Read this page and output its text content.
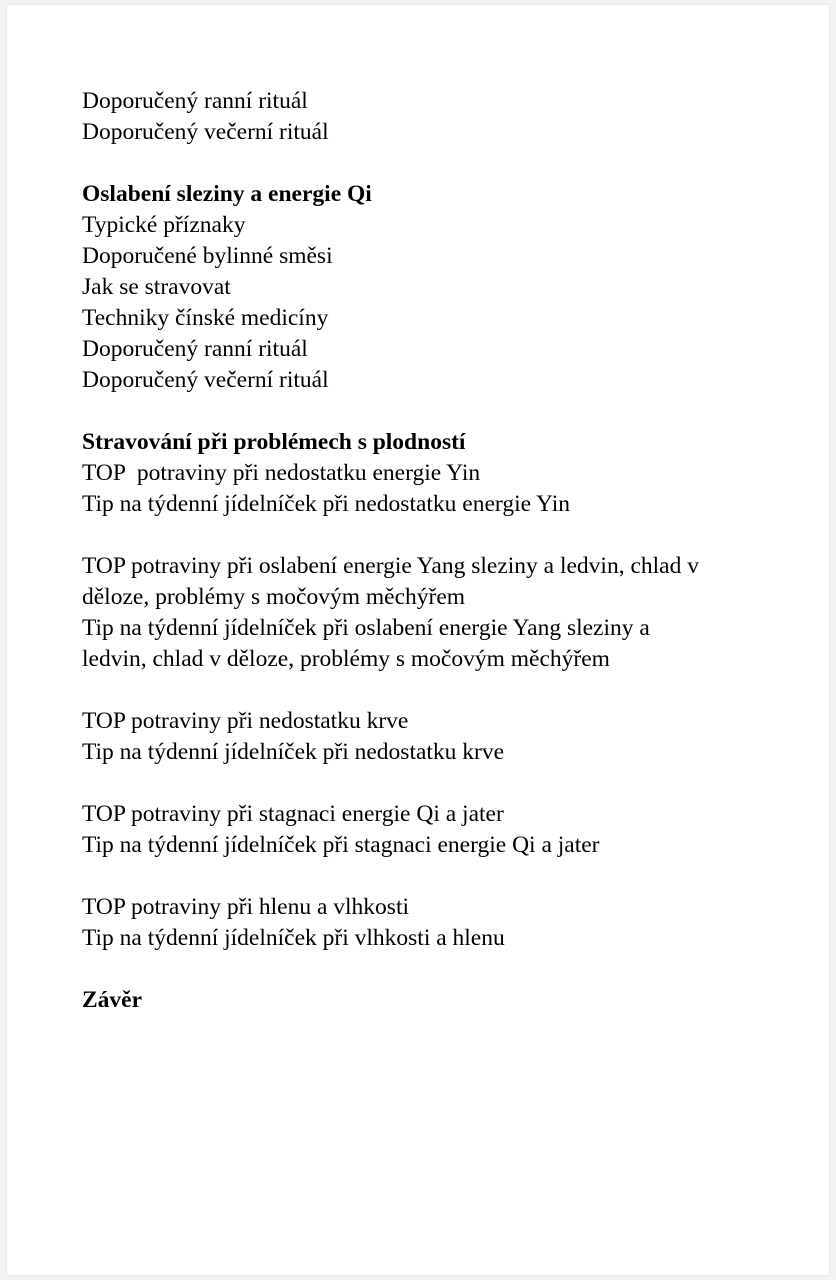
Doporučený ranní rituál

Doporučený večerní rituál

Oslabení sleziny a energie Qi

Typické příznaky

Doporučené bylinné směsi

Jak se stravovat

Techniky čínské medicíny

Doporučený ranní rituál

Doporučený večerní rituál

Stravování při problémech s plodností

TOP  potraviny při nedostatku energie Yin

Tip na týdenní jídelníček při nedostatku energie Yin

TOP potraviny při oslabení energie Yang sleziny a ledvin, chlad v děloze, problémy s močovým měchýřem

Tip na týdenní jídelníček při oslabení energie Yang sleziny a ledvin, chlad v děloze, problémy s močovým měchýřem

TOP potraviny při nedostatku krve

Tip na týdenní jídelníček při nedostatku krve

TOP potraviny při stagnaci energie Qi a jater

Tip na týdenní jídelníček při stagnaci energie Qi a jater

TOP potraviny při hlenu a vlhkosti

Tip na týdenní jídelníček při vlhkosti a hlenu

Závěr
